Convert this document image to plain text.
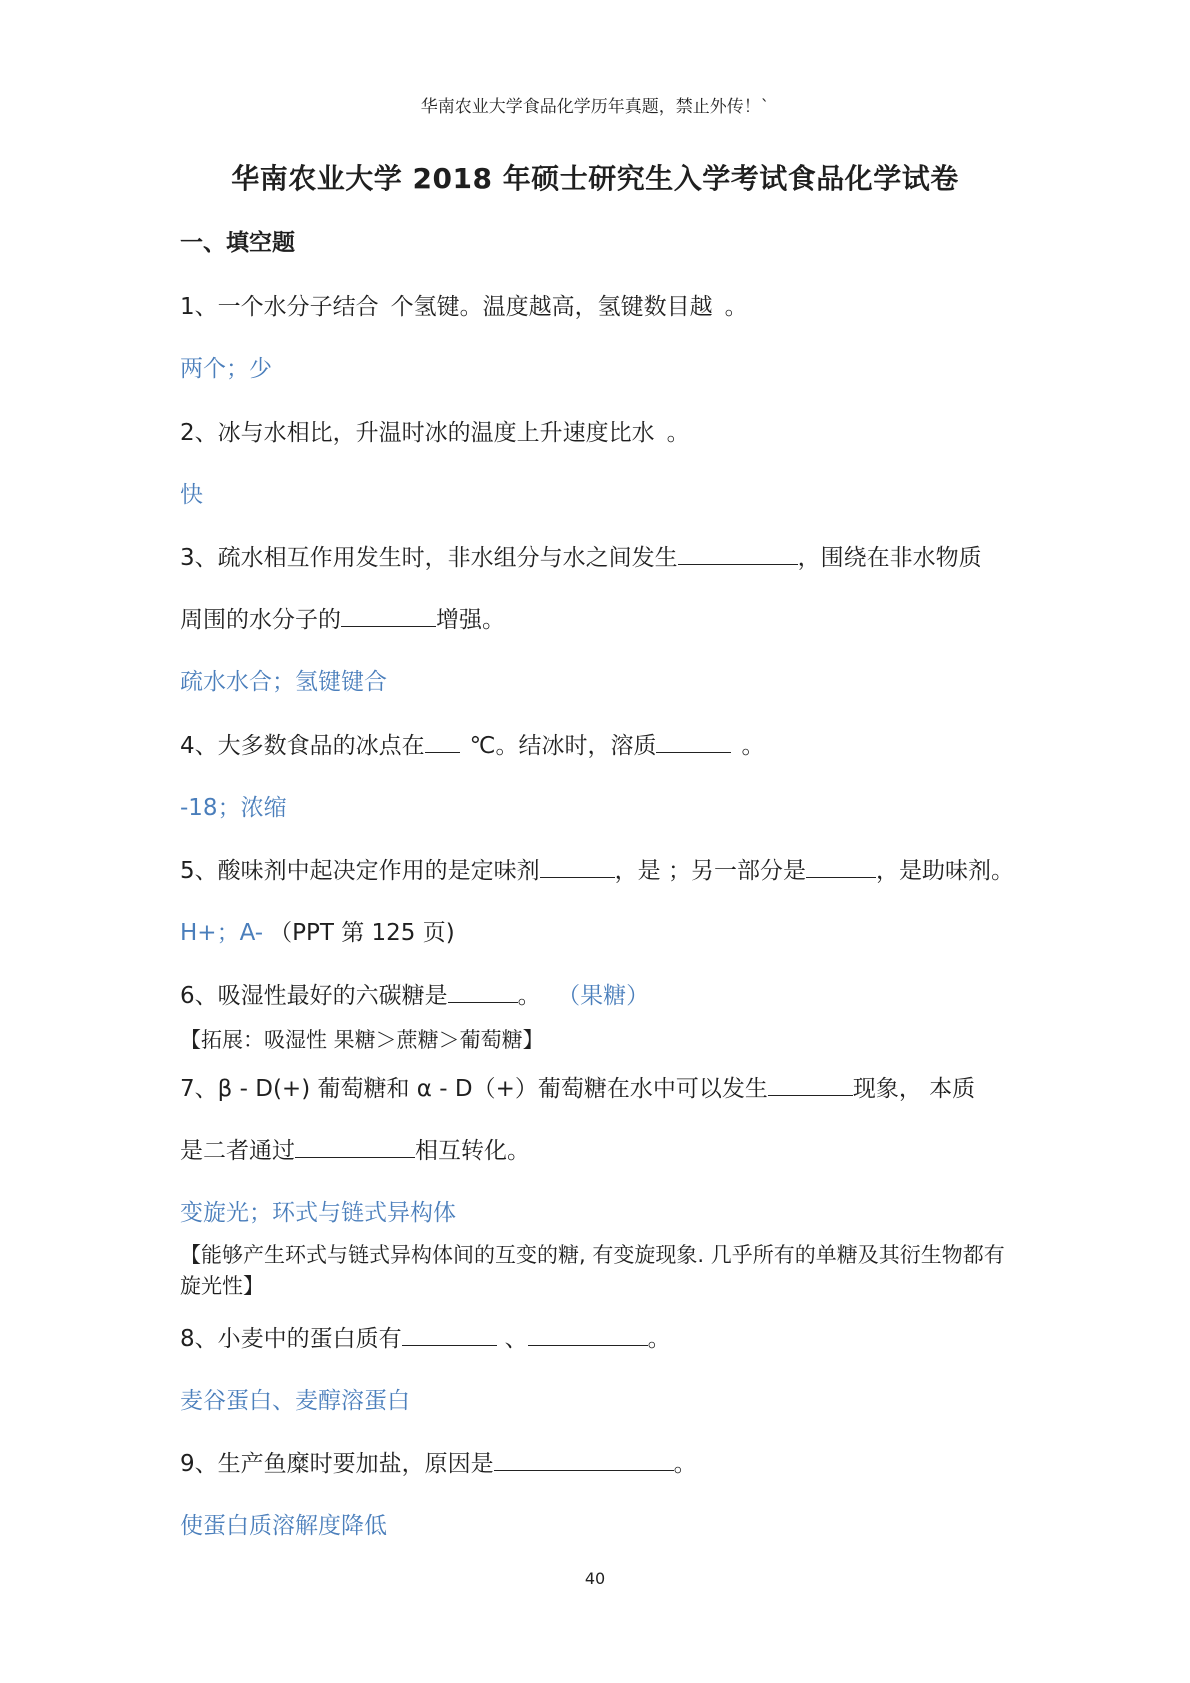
华南农业大学食品化学历年真题，禁止外传！`
华南农业大学 2018 年硕士研究生入学考试食品化学试卷
一、填空题
1、一个水分子结合 个氢键。温度越高，氢键数目越 。
两个；少
2、冰与水相比，升温时冰的温度上升速度比水 。
快
3、疏水相互作用发生时，非水组分与水之间发生	，围绕在非水物质
周围的水分子的	增强。
疏水水合；氢键键合
4、大多数食品的冰点在 ℃。结冰时，溶质	。
-18；浓缩
5、酸味剂中起决定作用的是定味剂	，是 ；另一部分是	，是助味剂。
H+；A- （PPT 第 125 页)
6、吸湿性最好的六碳糖是	。 （果糖）
【拓展：吸湿性 果糖＞蔗糖＞葡萄糖】
7、β - D(+) 葡萄糖和 α - D（+）葡萄糖在水中可以发生	现象， 本质
是二者通过	相互转化。
变旋光；环式与链式异构体
【能够产生环式与链式异构体间的互变的糖, 有变旋现象. 几乎所有的单糖及其衍生物都有旋光性】
8、小麦中的蛋白质有	、	。
麦谷蛋白、麦醇溶蛋白
9、生产鱼糜时要加盐，原因是	。
使蛋白质溶解度降低
40
